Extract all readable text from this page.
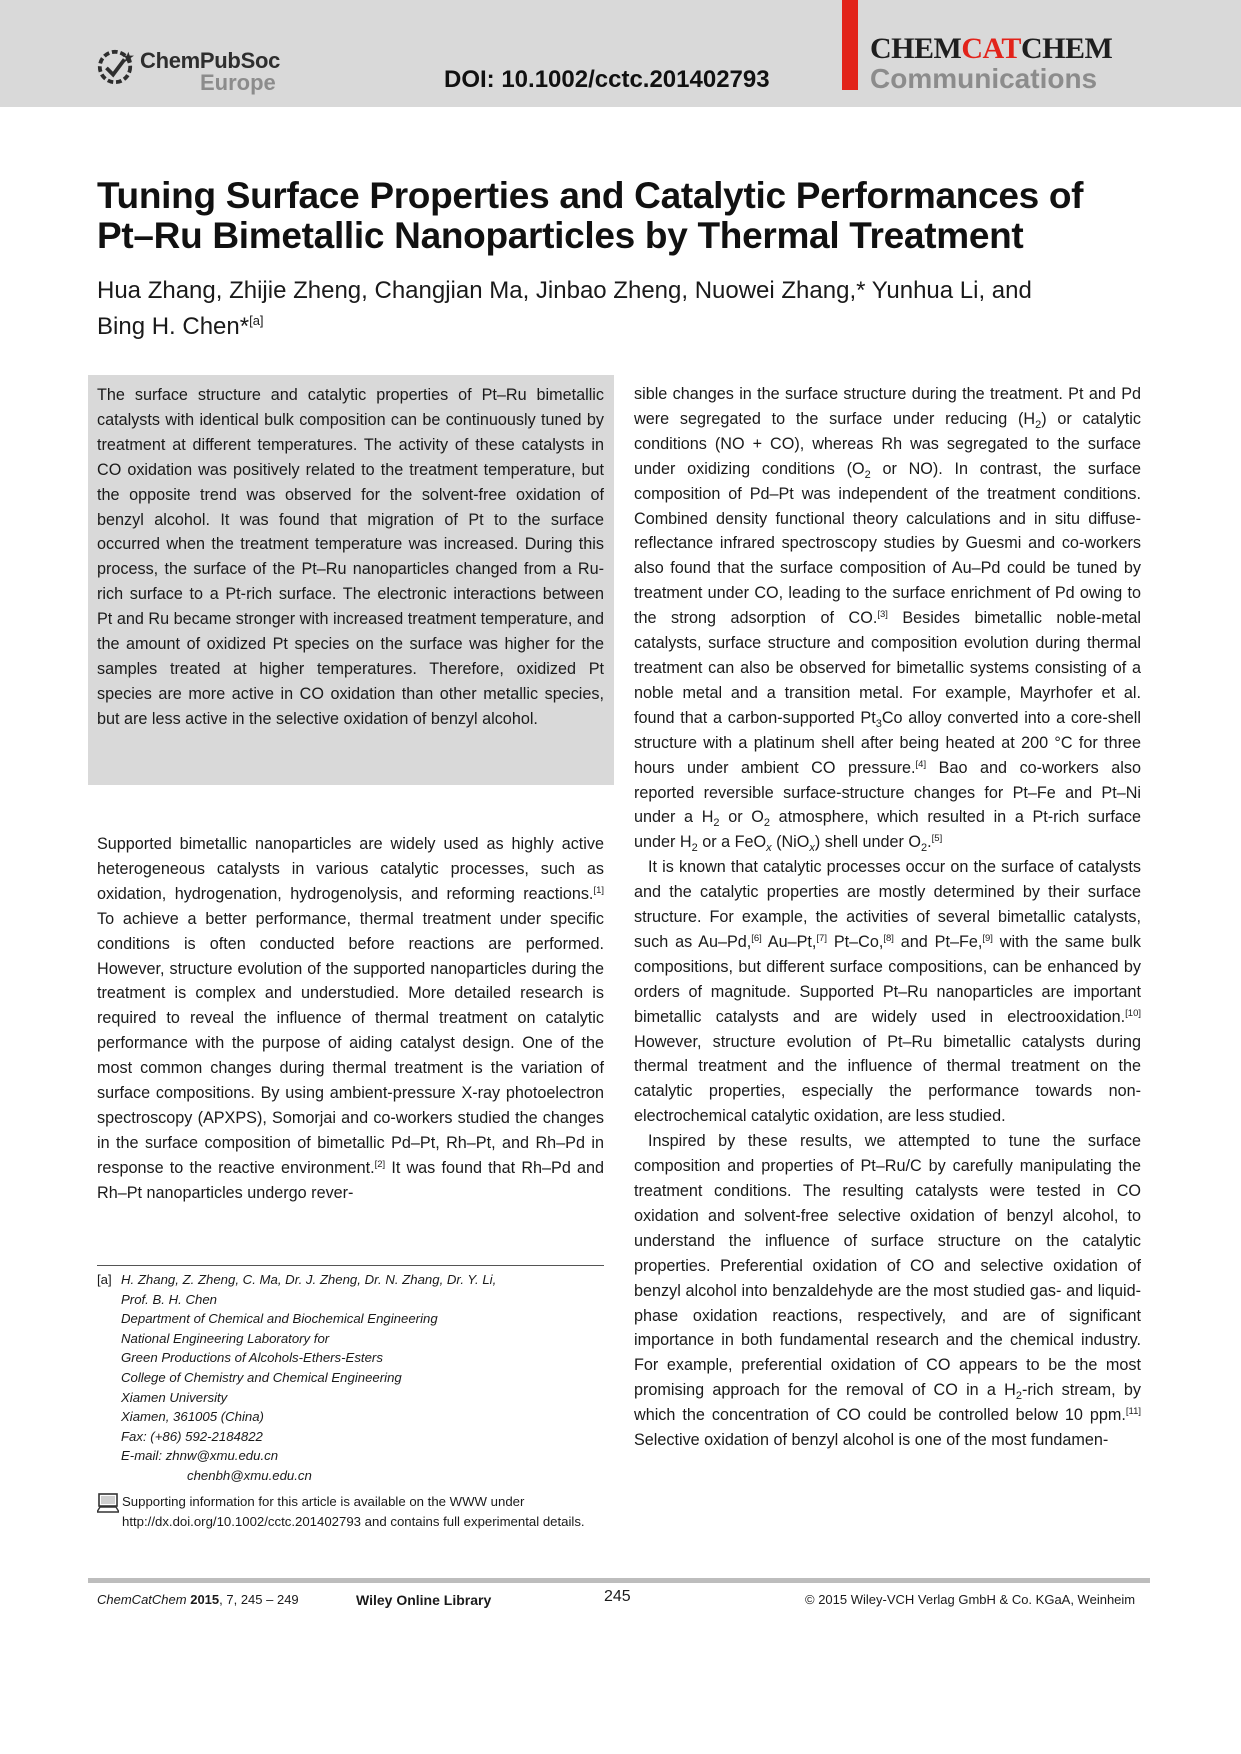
ChemPubSoc
Europe	DOI: 10.1002/cctc.201402793
CHEMCATCHEM
Communications
Tuning Surface Properties and Catalytic Performances of
Pt–Ru Bimetallic Nanoparticles by Thermal Treatment
Hua Zhang, Zhijie Zheng, Changjian Ma, Jinbao Zheng, Nuowei Zhang,* Yunhua Li, and
Bing H. Chen*[a]

The surface structure and catalytic properties of Pt–Ru bimetallic catalysts with identical bulk composition can be continuously tuned by treatment at different temperatures. The activity of these catalysts in CO oxidation was positively related to the treatment temperature, but the opposite trend was observed for the solvent-free oxidation of benzyl alcohol. It was found that migration of Pt to the surface occurred when the treatment temperature was increased. During this process, the surface of the Pt–Ru nanoparticles changed from a Ru-rich surface to a Pt-rich surface. The electronic interactions between Pt and Ru became stronger with increased treatment temperature, and the amount of oxidized Pt species on the surface was higher for the samples treated at higher temperatures. Therefore, oxidized Pt species are more active in CO oxidation than other metallic species, but are less active in the selective oxidation of benzyl alcohol.

Supported bimetallic nanoparticles are widely used as highly active heterogeneous catalysts in various catalytic processes, such as oxidation, hydrogenation, hydrogenolysis, and reforming reactions.[1] To achieve a better performance, thermal treatment under specific conditions is often conducted before reactions are performed. However, structure evolution of the supported nanoparticles during the treatment is complex and understudied. More detailed research is required to reveal the influence of thermal treatment on catalytic performance with the purpose of aiding catalyst design. One of the most common changes during thermal treatment is the variation of surface compositions. By using ambient-pressure X-ray photoelectron spectroscopy (APXPS), Somorjai and co-workers studied the changes in the surface composition of bimetallic Pd–Pt, Rh–Pt, and Rh–Pd in response to the reactive environment.[2] It was found that Rh–Pd and Rh–Pt nanoparticles undergo rever-

sible changes in the surface structure during the treatment. Pt and Pd were segregated to the surface under reducing $(H_2)$ or catalytic conditions (NO + CO), whereas Rh was segregated to the surface under oxidizing conditions ($O_2$ or NO). In contrast, the surface composition of Pd–Pt was independent of the treatment conditions. Combined density functional theory calculations and in situ diffuse-reflectance infrared spectroscopy studies by Guesmi and co-workers also found that the surface composition of Au–Pd could be tuned by treatment under CO, leading to the surface enrichment of Pd owing to the strong adsorption of CO.[3] Besides bimetallic noble-metal catalysts, surface structure and composition evolution during thermal treatment can also be observed for bimetallic systems consisting of a noble metal and a transition metal. For example, Mayrhofer et al. found that a carbon-supported $Pt_3Co$ alloy converted into a core-shell structure with a platinum shell after being heated at 200 °C for three hours under ambient CO pressure.[4] Bao and co-workers also reported reversible surface-structure changes for Pt–Fe and Pt–Ni under a $H_2$ or $O_2$ atmosphere, which resulted in a Pt-rich surface under $H_2$ or a FeO$_x$ (NiO$_x$) shell under $O_2.[5]$

It is known that catalytic processes occur on the surface of catalysts and the catalytic properties are mostly determined by their surface structure. For example, the activities of several bimetallic catalysts, such as Au–Pd,[6] Au–Pt,[7] Pt–Co,[8] and Pt–Fe,[9] with the same bulk compositions, but different surface compositions, can be enhanced by orders of magnitude. Supported Pt–Ru nanoparticles are important bimetallic catalysts and are widely used in electrooxidation.[10] However, structure evolution of Pt–Ru bimetallic catalysts during thermal treatment and the influence of thermal treatment on the catalytic properties, especially the performance towards non-electrochemical catalytic oxidation, are less studied.

Inspired by these results, we attempted to tune the surface composition and properties of Pt–Ru/C by carefully manipulating the treatment conditions. The resulting catalysts were tested in CO oxidation and solvent-free selective oxidation of benzyl alcohol, to understand the influence of surface structure on the catalytic properties. Preferential oxidation of CO and selective oxidation of benzyl alcohol into benzaldehyde are the most studied gas- and liquid-phase oxidation reactions, respectively, and are of significant importance in both fundamental research and the chemical industry. For example, preferential oxidation of CO appears to be the most promising approach for the removal of CO in a $H_2$-rich stream, by which the concentration of CO could be controlled below 10 ppm.[11] Selective oxidation of benzyl alcohol is one of the most fundamen-

[a] H. Zhang, Z. Zheng, C. Ma, Dr. J. Zheng, Dr. N. Zhang, Dr. Y. Li,
Prof. B. H. Chen
Department of Chemical and Biochemical Engineering
National Engineering Laboratory for
Green Productions of Alcohols-Ethers-Esters
College of Chemistry and Chemical Engineering
Xiamen University
Xiamen, 361005 (China)
Fax: (+86) 592-2184822
E-mail: zhnw@xmu.edu.cn
chenbh@xmu.edu.cn
Supporting information for this article is available on the WWW under http://dx.doi.org/10.1002/cctc.201402793 and contains full experimental details.
ChemCatChem 2015, 7, 245 – 249	Wiley Online Library	245	© 2015 Wiley-VCH Verlag GmbH & Co. KGaA, Weinheim
